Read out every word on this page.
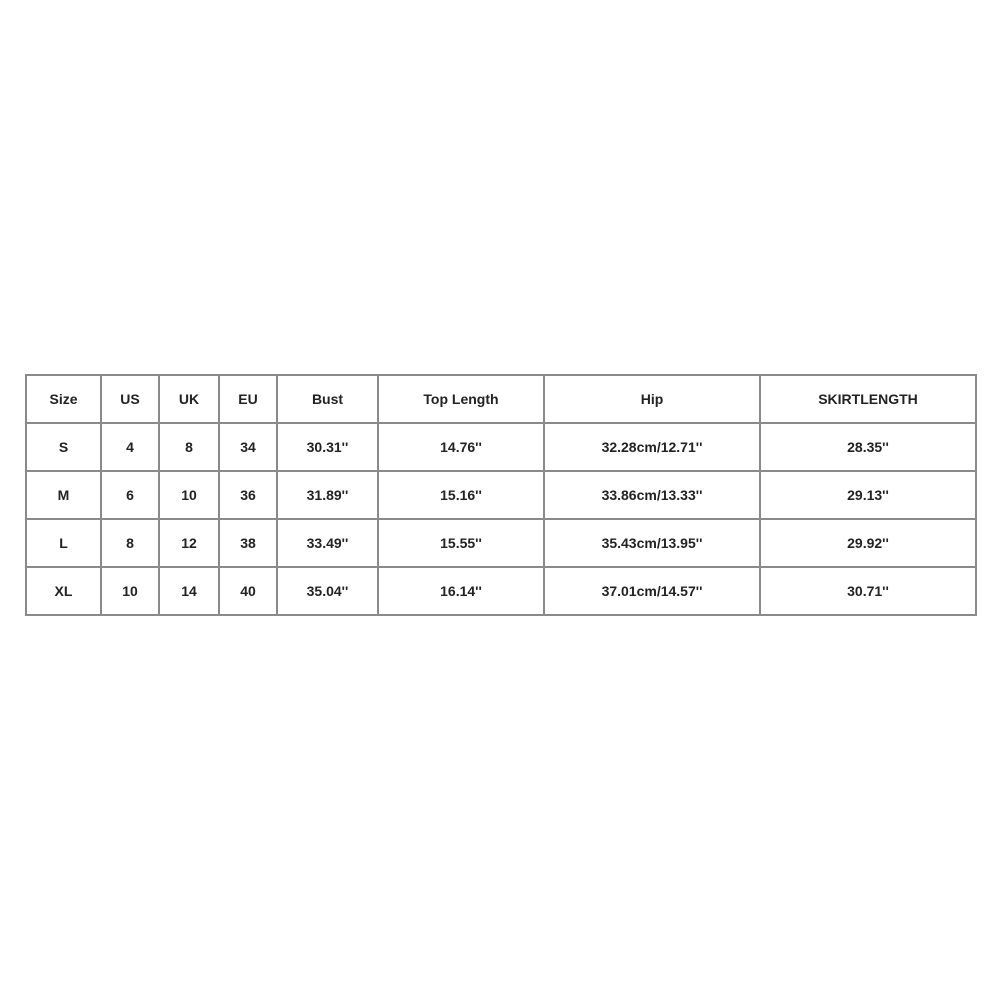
Size	US	UK	EU	Bust	Top Length	Hip	SKIRTLENGTH
S	4	8	34	30.31''	14.76''	32.28cm/12.71''	28.35''
M	6	10	36	31.89''	15.16''	33.86cm/13.33''	29.13''
L	8	12	38	33.49''	15.55''	35.43cm/13.95''	29.92''
XL	10	14	40	35.04''	16.14''	37.01cm/14.57''	30.71''
